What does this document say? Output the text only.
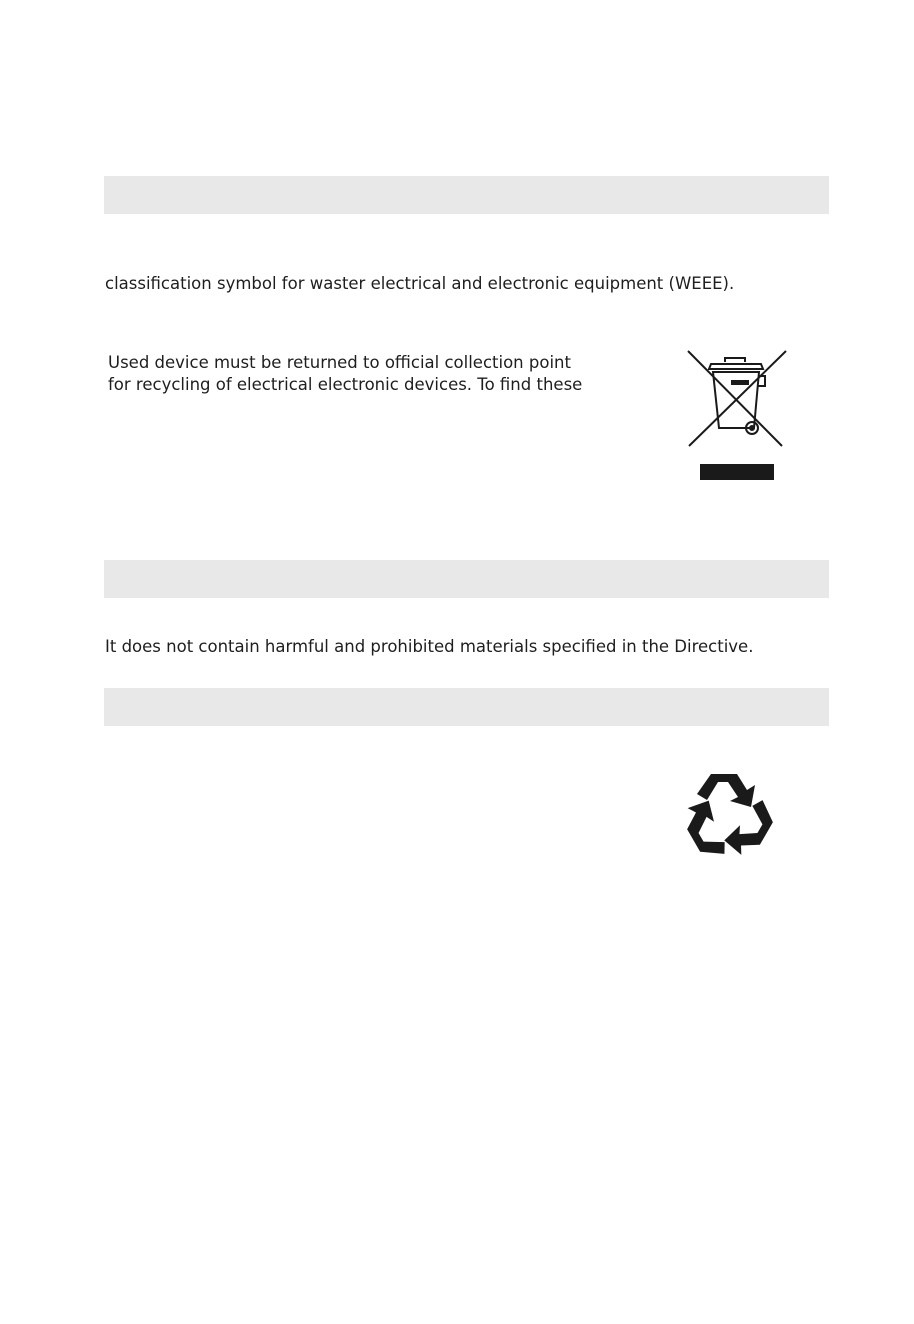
classification symbol for waster electrical and electronic equipment (WEEE).

Used device must be returned to official collection point

for recycling of electrical electronic devices. To find these

It does not contain harmful and prohibited materials specified in the Directive.
